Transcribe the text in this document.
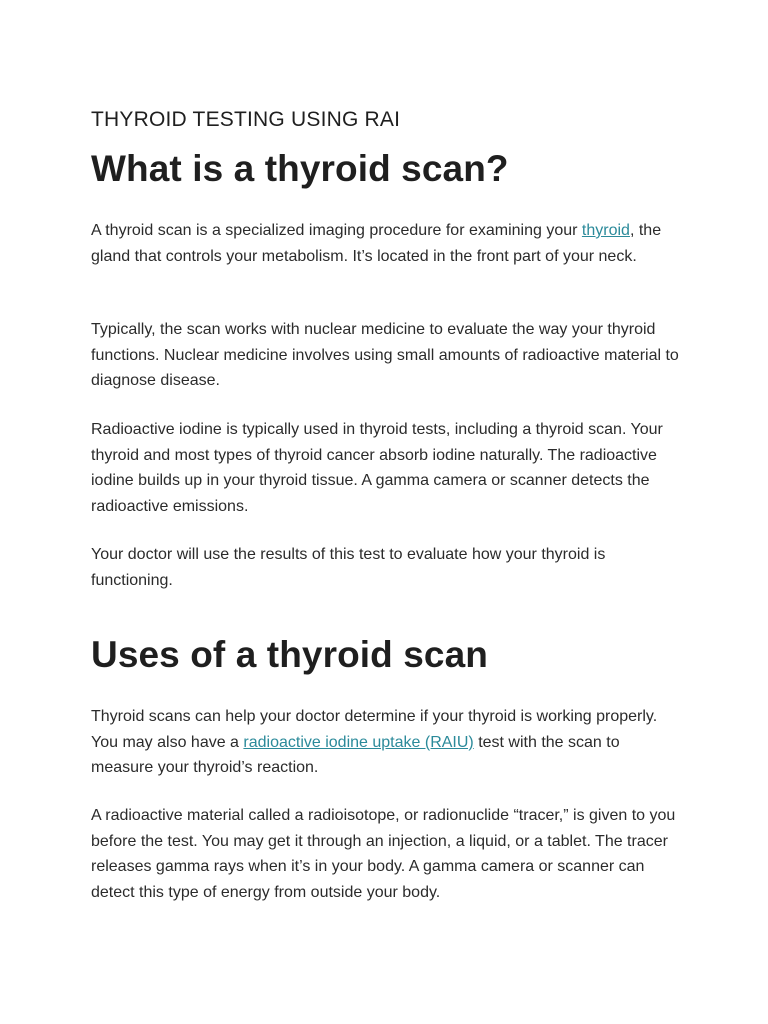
THYROID TESTING USING RAI
What is a thyroid scan?

A thyroid scan is a specialized imaging procedure for examining your thyroid, the gland that controls your metabolism. It’s located in the front part of your neck.

Typically, the scan works with nuclear medicine to evaluate the way your thyroid functions. Nuclear medicine involves using small amounts of radioactive material to diagnose disease.

Radioactive iodine is typically used in thyroid tests, including a thyroid scan. Your thyroid and most types of thyroid cancer absorb iodine naturally. The radioactive iodine builds up in your thyroid tissue. A gamma camera or scanner detects the radioactive emissions.

Your doctor will use the results of this test to evaluate how your thyroid is functioning.

Uses of a thyroid scan

Thyroid scans can help your doctor determine if your thyroid is working properly. You may also have a radioactive iodine uptake (RAIU) test with the scan to measure your thyroid’s reaction.

A radioactive material called a radioisotope, or radionuclide “tracer,” is given to you before the test. You may get it through an injection, a liquid, or a tablet. The tracer releases gamma rays when it’s in your body. A gamma camera or scanner can detect this type of energy from outside your body.
